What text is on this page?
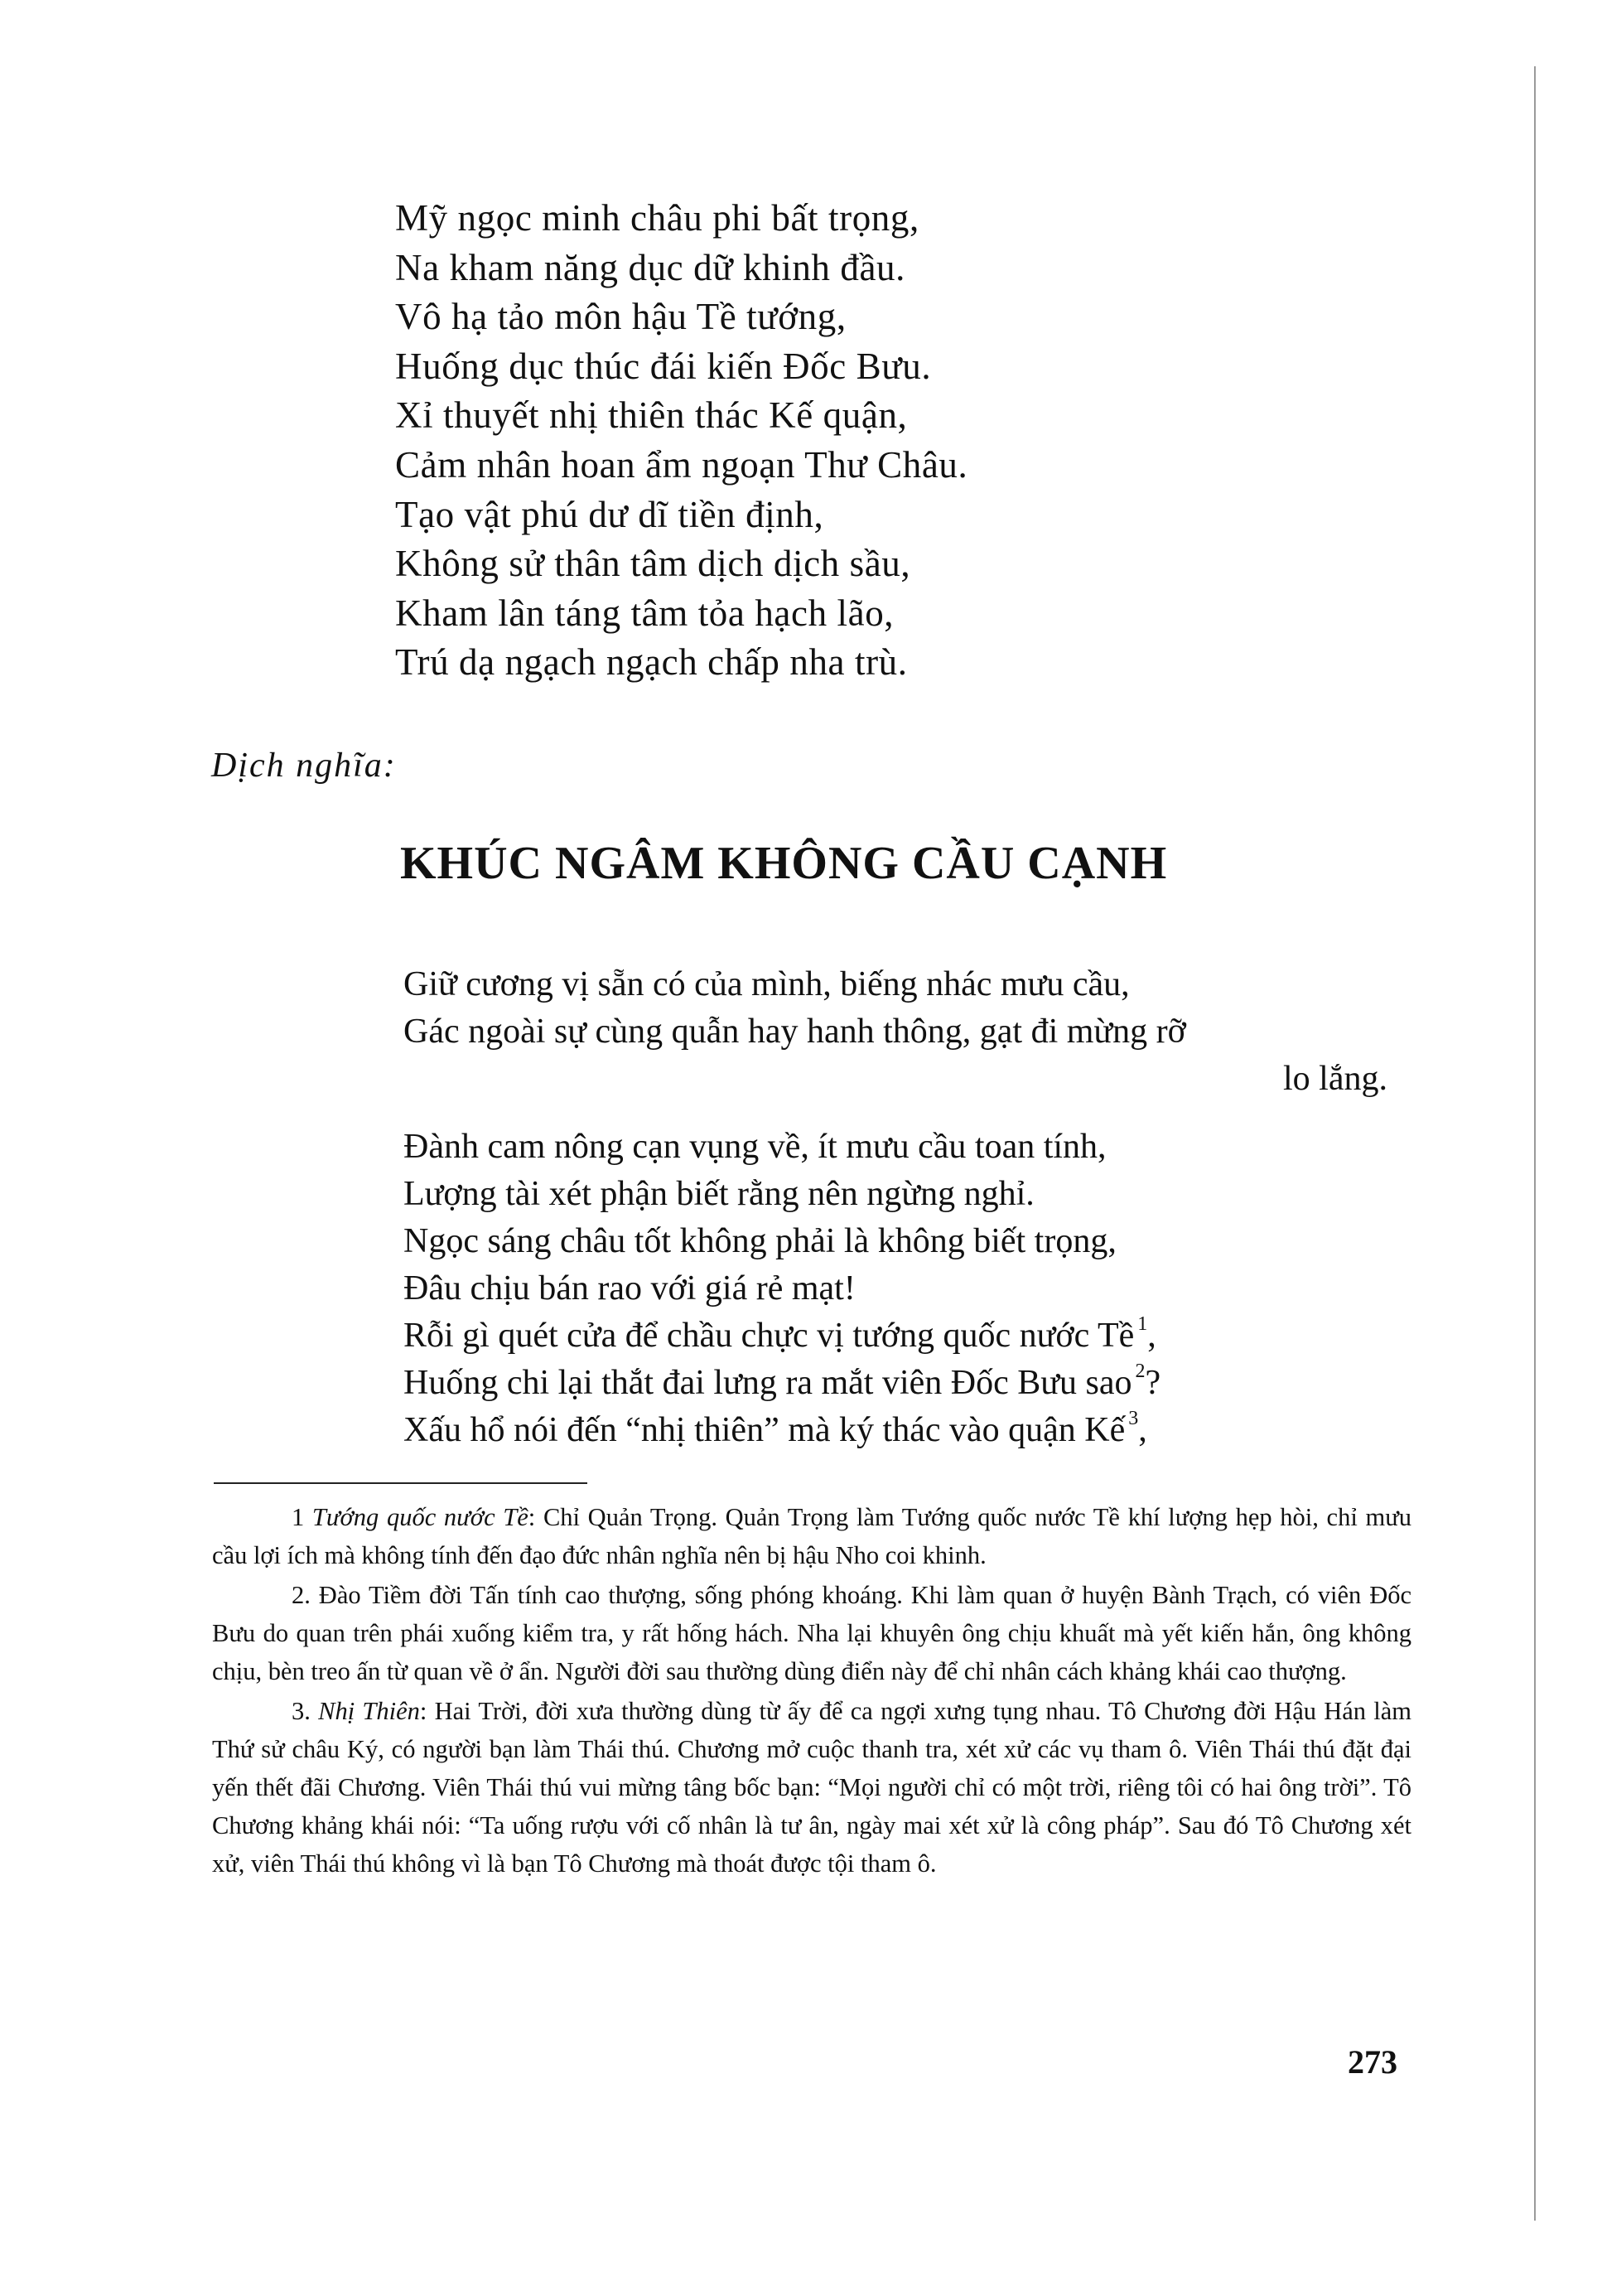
Mỹ ngọc minh châu phi bất trọng,
Na kham năng dục dữ khinh đầu.
Vô hạ tảo môn hậu Tề tướng,
Huống dục thúc đái kiến Đốc Bưu.
Xỉ thuyết nhị thiên thác Kế quận,
Cảm nhân hoan ẩm ngoạn Thư Châu.
Tạo vật phú dư dĩ tiền định,
Không sử thân tâm dịch dịch sầu,
Kham lân táng tâm tỏa hạch lão,
Trú dạ ngạch ngạch chấp nha trù.
Dịch nghĩa:
KHÚC NGÂM KHÔNG CẦU CẠNH
Giữ cương vị sẵn có của mình, biếng nhác mưu cầu,
Gác ngoài sự cùng quẫn hay hanh thông, gạt đi mừng rỡ
lo lắng.
Đành cam nông cạn vụng về, ít mưu cầu toan tính,
Lượng tài xét phận biết rằng nên ngừng nghỉ.
Ngọc sáng châu tốt không phải là không biết trọng,
Đâu chịu bán rao với giá rẻ mạt!
Rỗi gì quét cửa để chầu chực vị tướng quốc nước Tề $^1$,
Huống chi lại thắt đai lưng ra mắt viên Đốc Bưu sao $^2$?
Xấu hổ nói đến “nhị thiên” mà ký thác vào quận Kế $^3$,

1 Tướng quốc nước Tề: Chỉ Quản Trọng. Quản Trọng làm Tướng quốc nước Tề khí lượng hẹp hòi, chỉ mưu cầu lợi ích mà không tính đến đạo đức nhân nghĩa nên bị hậu Nho coi khinh.

2. Đào Tiềm đời Tấn tính cao thượng, sống phóng khoáng. Khi làm quan ở huyện Bành Trạch, có viên Đốc Bưu do quan trên phái xuống kiểm tra, y rất hống hách. Nha lại khuyên ông chịu khuất mà yết kiến hắn, ông không chịu, bèn treo ấn từ quan về ở ẩn. Người đời sau thường dùng điển này để chỉ nhân cách khảng khái cao thượng.

3. Nhị Thiên: Hai Trời, đời xưa thường dùng từ ấy để ca ngợi xưng tụng nhau. Tô Chương đời Hậu Hán làm Thứ sử châu Ký, có người bạn làm Thái thú. Chương mở cuộc thanh tra, xét xử các vụ tham ô. Viên Thái thú đặt đại yến thết đãi Chương. Viên Thái thú vui mừng tâng bốc bạn: “Mọi người chỉ có một trời, riêng tôi có hai ông trời”. Tô Chương khảng khái nói: “Ta uống rượu với cố nhân là tư ân, ngày mai xét xử là công pháp”. Sau đó Tô Chương xét xử, viên Thái thú không vì là bạn Tô Chương mà thoát được tội tham ô.

273
